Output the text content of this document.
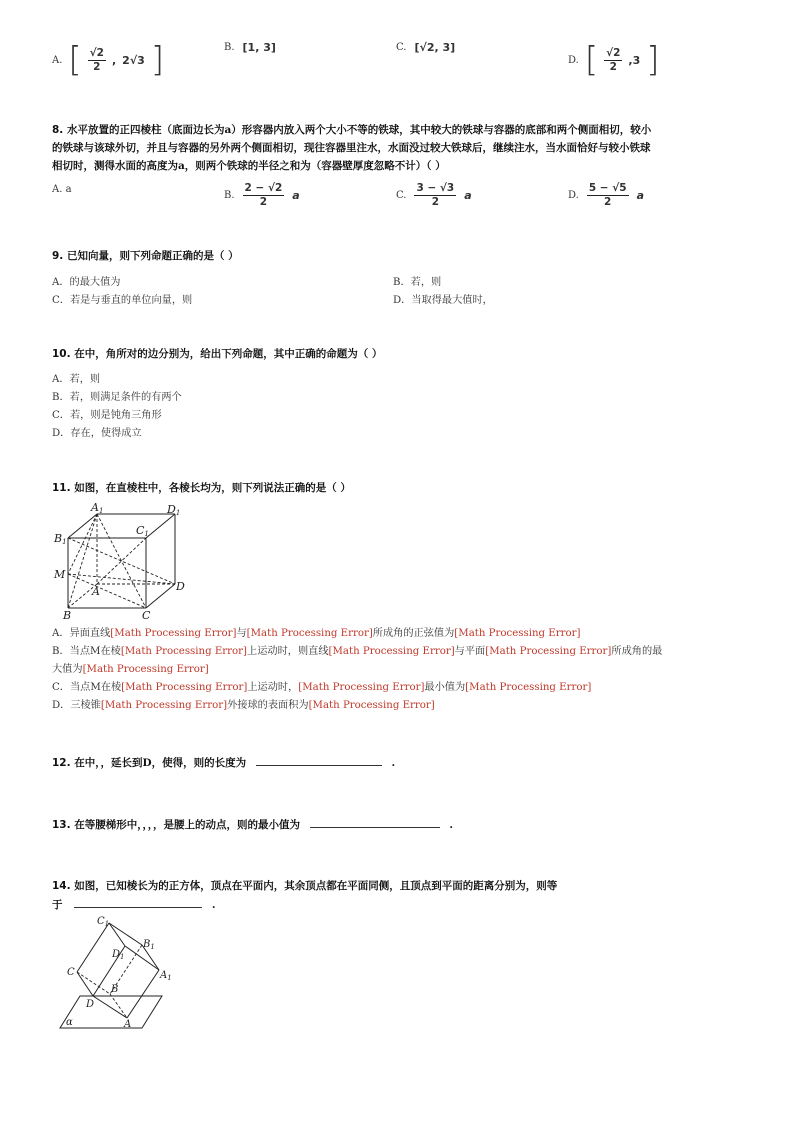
A. [ $\frac{√2}{2}$ , 2√3 ]	B. [1, 3]	C. [√2, 3]
D. [ $\frac{√2}{2} ,3$ ]
8. 水平放置的正四棱柱（底面边长为a）形容器内放入两个大小不等的铁球，其中较大的铁球与容器的底部和两个侧面相切，较小
的铁球与该球外切，并且与容器的另外两个侧面相切，现往容器里注水，水面没过较大铁球后，继续注水，当水面恰好与较小铁球
相切时，测得水面的高度为a，则两个铁球的半径之和为（容器壁厚度忽略不计）（ ）
A. a
B. $\frac{2 - √2}{2}$ a	C. $\frac{3 - √3}{2}$ a	D. $\frac{5 - √5}{2}$ a
9. 已知向量，则下列命题正确的是（ ）
A．的最大值为	B．若，则
C．若是与垂直的单位向量，则	D．当取得最大值时，
10. 在中，角所对的边分别为，给出下列命题，其中正确的命题为（ ）
A．若，则
B．若，则满足条件的有两个
C．若，则是钝角三角形
D．存在，使得成立
11. 如图，在直棱柱中，各棱长均为，则下列说法正确的是（ ）
A1	D1
B1
C1
M
A	D
B	C
A．异面直线[Math Processing Error]与[Math Processing Error]所成角的正弦值为[Math Processing Error]
B．当点M在棱[Math Processing Error]上运动时，则直线[Math Processing Error]与平面[Math Processing Error]所成角的最
大值为[Math Processing Error]
C．当点M在棱[Math Processing Error]上运动时，[Math Processing Error]最小值为[Math Processing Error]
D．三棱锥[Math Processing Error]外接球的表面积为[Math Processing Error]
12. 在中，，延长到D，使得，则的长度为	.
13. 在等腰梯形中，，，，是腰上的动点，则的最小值为	.
14. 如图，已知棱长为的正方体，顶点在平面内，其余顶点都在平面同侧，且顶点到平面的距离分别为，则等
于	.
$C_1$
$B_1$
$D_1$
$A_1$
C
B
D
A
α
